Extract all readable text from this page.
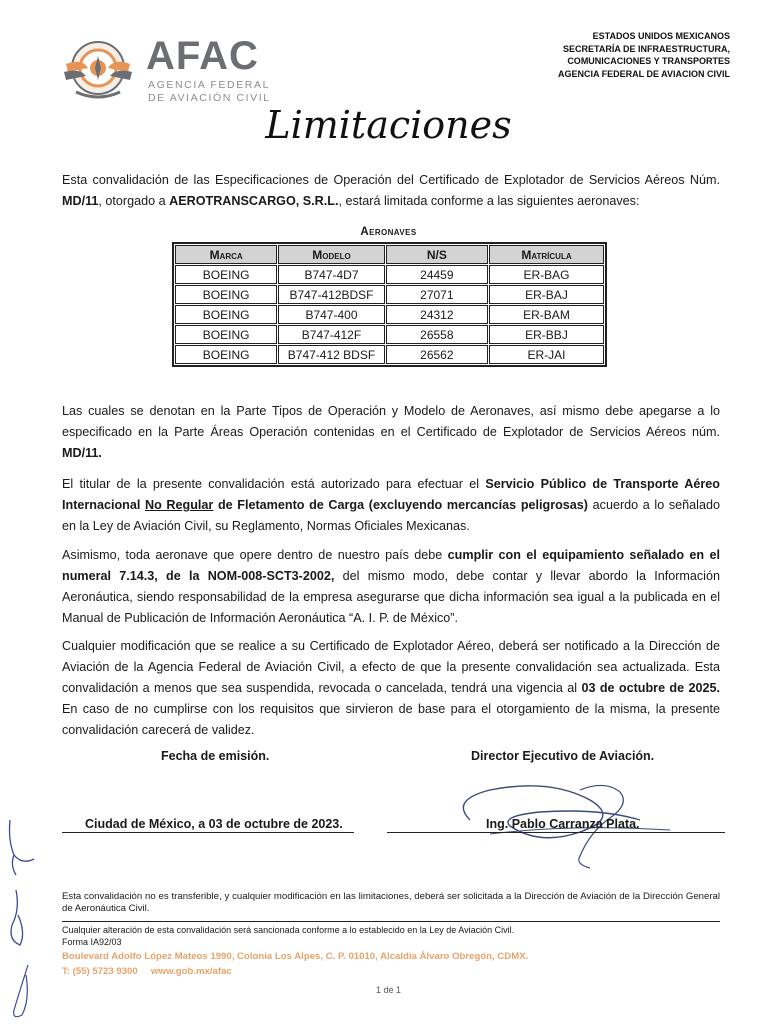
AFAC
AGENCIA FEDERAL
DE AVIACIÓN CIVIL
ESTADOS UNIDOS MEXICANOS
SECRETARÍA DE INFRAESTRUCTURA,
COMUNICACIONES Y TRANSPORTES
AGENCIA FEDERAL DE AVIACION CIVIL
Limitaciones
Esta convalidación de las Especificaciones de Operación del Certificado de Explotador de Servicios Aéreos Núm. MD/11, otorgado a AEROTRANSCARGO, S.R.L., estará limitada conforme a las siguientes aeronaves:
Aeronaves
Marca	Modelo	N/S	Matrícula
BOEING	B747-4D7	24459	ER-BAG
BOEING	B747-412BDSF	27071	ER-BAJ
BOEING	B747-400	24312	ER-BAM
BOEING	B747-412F	26558	ER-BBJ
BOEING	B747-412 BDSF	26562	ER-JAI
Las cuales se denotan en la Parte Tipos de Operación y Modelo de Aeronaves, así mismo debe apegarse a lo especificado en la Parte Áreas Operación contenidas en el Certificado de Explotador de Servicios Aéreos núm. MD/11.
El titular de la presente convalidación está autorizado para efectuar el Servicio Público de Transporte Aéreo Internacional No Regular de Fletamento de Carga (excluyendo mercancías peligrosas) acuerdo a lo señalado en la Ley de Aviación Civil, su Reglamento, Normas Oficiales Mexicanas.
Asimismo, toda aeronave que opere dentro de nuestro país debe cumplir con el equipamiento señalado en el numeral 7.14.3, de la NOM-008-SCT3-2002, del mismo modo, debe contar y llevar abordo la Información Aeronáutica, siendo responsabilidad de la empresa asegurarse que dicha información sea igual a la publicada en el Manual de Publicación de Información Aeronáutica “A. I. P. de México”.
Cualquier modificación que se realice a su Certificado de Explotador Aéreo, deberá ser notificado a la Dirección de Aviación de la Agencia Federal de Aviación Civil, a efecto de que la presente convalidación sea actualizada. Esta convalidación a menos que sea suspendida, revocada o cancelada, tendrá una vigencia al 03 de octubre de 2025. En caso de no cumplirse con los requisitos que sirvieron de base para el otorgamiento de la misma, la presente convalidación carecerá de validez.
Fecha de emisión.	Director Ejecutivo de Aviación.
Ciudad de México, a 03 de octubre de 2023.	Ing. Pablo Carranza Plata.
Esta convalidación no es transferible, y cualquier modificación en las limitaciones, deberá ser solicitada a la Dirección de Aviación de la Dirección General de Aeronáutica Civil.
Cualquier alteración de esta convalidación será sancionada conforme a lo establecido en la Ley de Aviación Civil.
Forma IA92/03
Boulevard Adolfo López Mateos 1990, Colonia Los Alpes, C. P. 01010, Alcaldía Álvaro Obregón, CDMX.
T: (55) 5723 9300     www.gob.mx/afac
1 de 1
